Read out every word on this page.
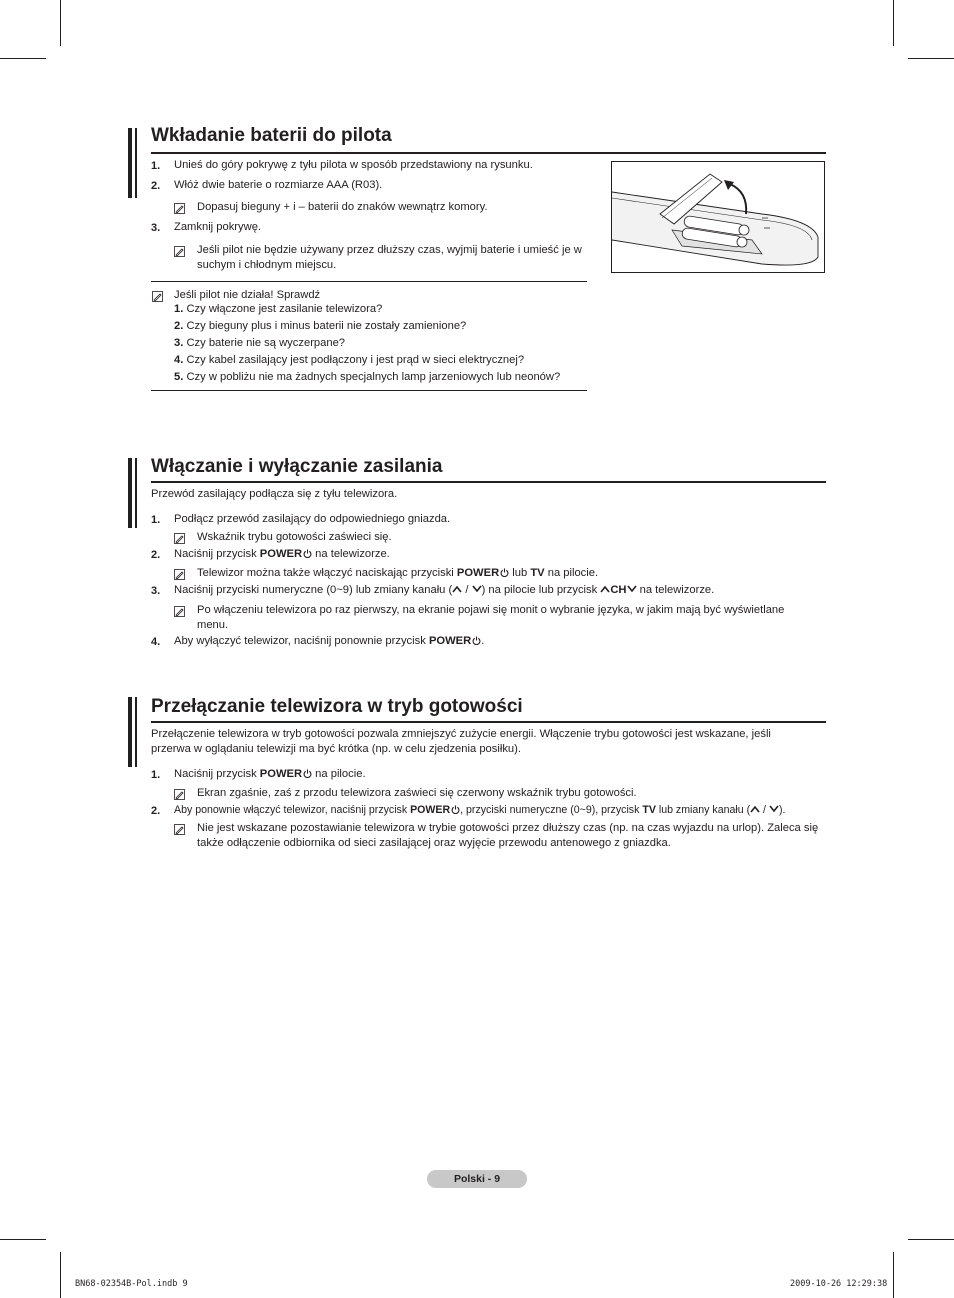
Wkładanie baterii do pilota
1. Unieś do góry pokrywę z tyłu pilota w sposób przedstawiony na rysunku.
2. Włóż dwie baterie o rozmiarze AAA (R03).
Dopasuj bieguny + i – baterii do znaków wewnątrz komory.
3. Zamknij pokrywę.
Jeśli pilot nie będzie używany przez dłuższy czas, wyjmij baterie i umieść je w suchym i chłodnym miejscu.
Jeśli pilot nie działa! Sprawdź
1. Czy włączone jest zasilanie telewizora?
2. Czy bieguny plus i minus baterii nie zostały zamienione?
3. Czy baterie nie są wyczerpane?
4. Czy kabel zasilający jest podłączony i jest prąd w sieci elektrycznej?
5. Czy w pobliżu nie ma żadnych specjalnych lamp jarzeniowych lub neonów?
Włączanie i wyłączanie zasilania
Przewód zasilający podłącza się z tyłu telewizora.
1. Podłącz przewód zasilający do odpowiedniego gniazda.
Wskaźnik trybu gotowości zaświeci się.
2. Naciśnij przycisk POWER na telewizorze.
Telewizor można także włączyć naciskając przyciski POWER lub TV na pilocie.
3. Naciśnij przyciski numeryczne (0~9) lub zmiany kanału ( / ) na pilocie lub przycisk CH na telewizorze.
Po włączeniu telewizora po raz pierwszy, na ekranie pojawi się monit o wybranie języka, w jakim mają być wyświetlane menu.
4. Aby wyłączyć telewizor, naciśnij ponownie przycisk POWER .
Przełączanie telewizora w tryb gotowości
Przełączenie telewizora w tryb gotowości pozwala zmniejszyć zużycie energii. Włączenie trybu gotowości jest wskazane, jeśli przerwa w oglądaniu telewizji ma być krótka (np. w celu zjedzenia posiłku).
1. Naciśnij przycisk POWER na pilocie.
Ekran zgaśnie, zaś z przodu telewizora zaświeci się czerwony wskaźnik trybu gotowości.
2. Aby ponownie włączyć telewizor, naciśnij przycisk POWER , przyciski numeryczne (0~9), przycisk TV lub zmiany kanału ( / ).
Nie jest wskazane pozostawianie telewizora w trybie gotowości przez dłuższy czas (np. na czas wyjazdu na urlop). Zaleca się także odłączenie odbiornika od sieci zasilającej oraz wyjęcie przewodu antenowego z gniazdka.
Polski - 9
BN68-02354B-Pol.indb 9	2009-10-26 12:29:38
